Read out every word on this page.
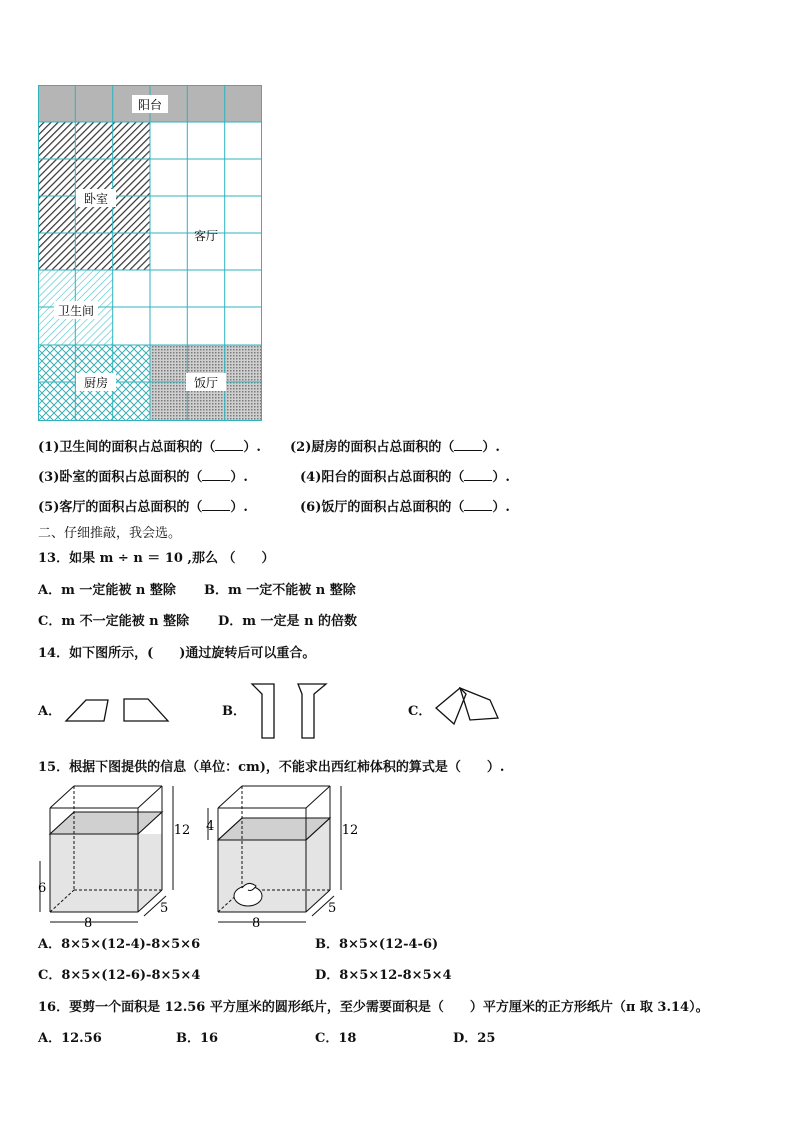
阳台
卧室
客厅
卫生间
厨房	饭厅
(1)卫生间的面积占总面积的（ ）. (2)厨房的面积占总面积的（ ）.
(3)卧室的面积占总面积的（ ）.	(4)阳台的面积占总面积的（ ）.
(5)客厅的面积占总面积的（ ）.	(6)饭厅的面积占总面积的（ ）.
二、仔细推敲，我会选。
13．如果 m ÷ n ＝ 10 ,那么 （　　）
A．m 一定能被 n 整除 B．m 一定不能被 n 整除
C．m 不一定能被 n 整除 D．m 一定是 n 的倍数
14．如下图所示，(　　)通过旋转后可以重合。
A．	B．	C．
15．根据下图提供的信息（单位：cm)，不能求出西红柿体积的算式是（　　）.
12
6
8
5
12
4
8
5
A．8×5×(12-4)-8×5×6	B．8×5×(12-4-6)
C．8×5×(12-6)-8×5×4	D．8×5×12-8×5×4
16．要剪一个面积是 12.56 平方厘米的圆形纸片，至少需要面积是（　　）平方厘米的正方形纸片（π 取 3.14）。
A．12.56	B．16	C．18	D．25
